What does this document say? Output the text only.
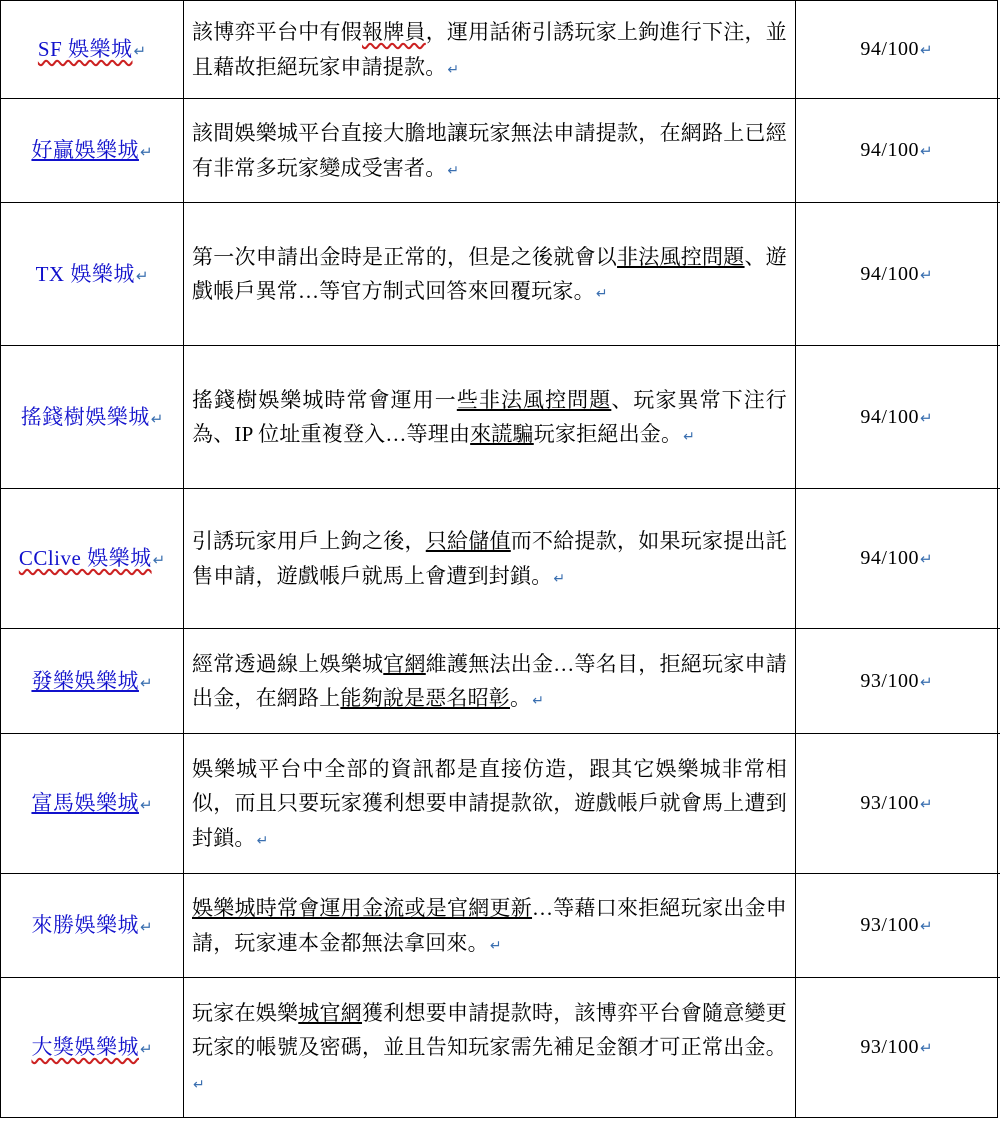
SF 娛樂城↵	該博弈平台中有假報牌員，運用話術引誘玩家上鉤進行下注，並且藉故拒絕玩家申請提款。↵	94/100↵
好贏娛樂城↵	該間娛樂城平台直接大膽地讓玩家無法申請提款，在網路上已經有非常多玩家變成受害者。↵	94/100↵
TX 娛樂城↵	第一次申請出金時是正常的，但是之後就會以非法風控問題、遊戲帳戶異常…等官方制式回答來回覆玩家。↵	94/100↵
搖錢樹娛樂城↵	搖錢樹娛樂城時常會運用一些非法風控問題、玩家異常下注行為、IP 位址重複登入…等理由來謊騙玩家拒絕出金。↵	94/100↵
CClive 娛樂城↵	引誘玩家用戶上鉤之後，只給儲值而不給提款，如果玩家提出託售申請，遊戲帳戶就馬上會遭到封鎖。↵	94/100↵
發樂娛樂城↵	經常透過線上娛樂城官網維護無法出金…等名目，拒絕玩家申請出金，在網路上能夠說是惡名昭彰。↵	93/100↵
富馬娛樂城↵	娛樂城平台中全部的資訊都是直接仿造，跟其它娛樂城非常相似，而且只要玩家獲利想要申請提款欲，遊戲帳戶就會馬上遭到封鎖。↵	93/100↵
來勝娛樂城↵	娛樂城時常會運用金流或是官網更新…等藉口來拒絕玩家出金申請，玩家連本金都無法拿回來。↵	93/100↵
大獎娛樂城↵	玩家在娛樂城官網獲利想要申請提款時，該博弈平台會隨意變更玩家的帳號及密碼，並且告知玩家需先補足金額才可正常出金。↵	93/100↵
